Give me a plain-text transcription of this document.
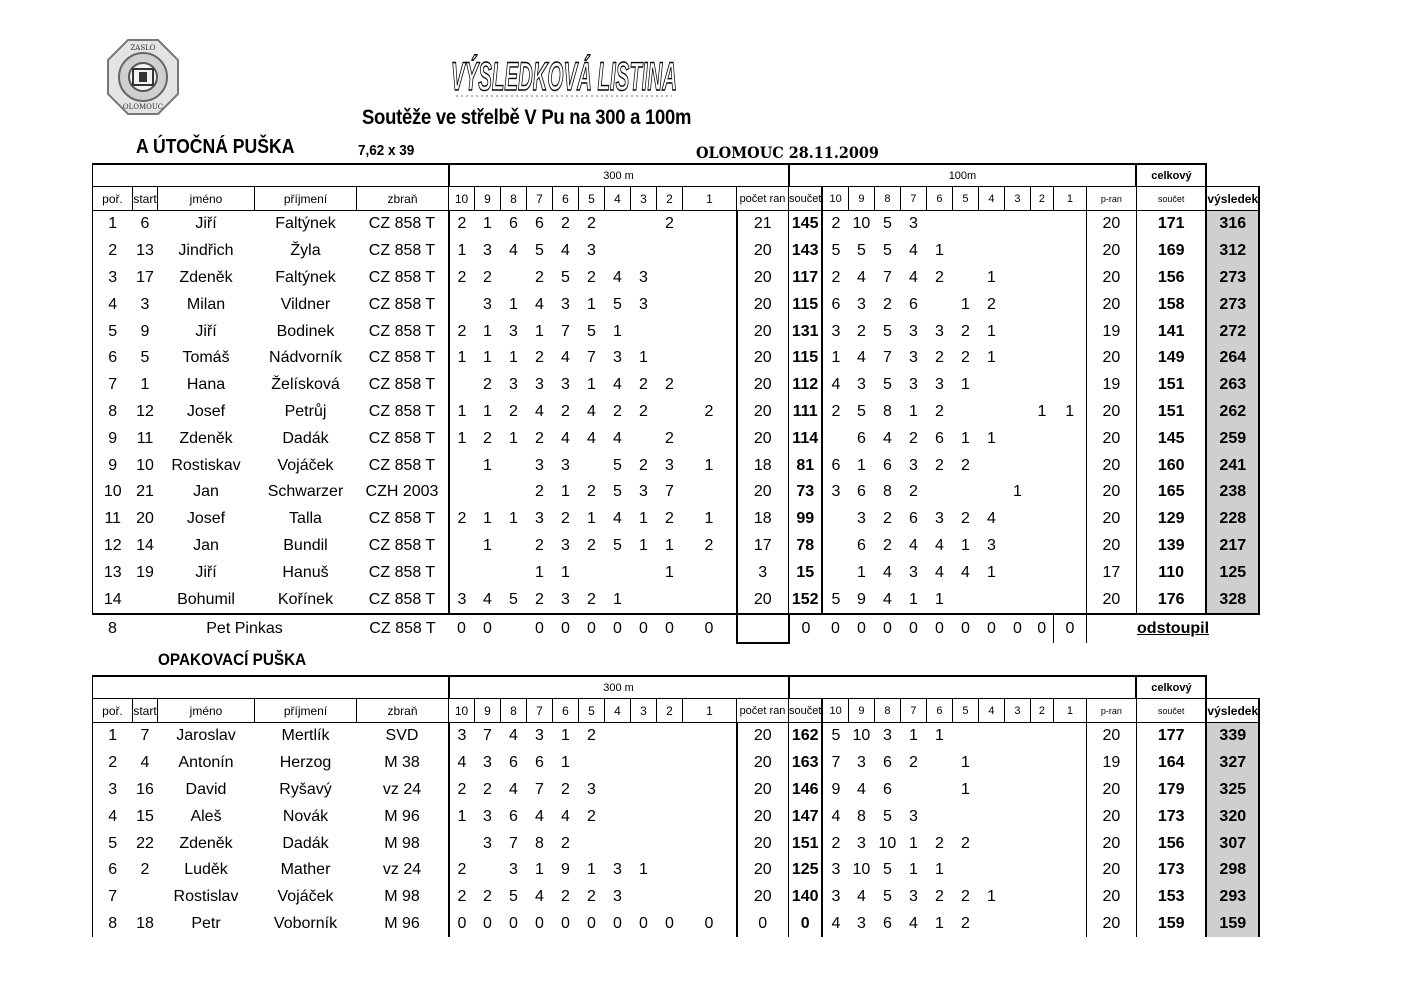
ZASLO
OLOMOUC
VÝSLEDKOVÁ LISTINA
Soutěže ve střelbě V Pu na 300 a 100m
A ÚTOČNÁ PUŠKA	7,62 x 39	OLOMOUC 28.11.2009
OPAKOVACÍ PUŠKA
					300 m											100m												celkový	
poř.	start	jméno	příjmení	zbraň	10	9	8	7	6	5	4	3	2	1	počet ran	součet	10	9	8	7	6	5	4	3	2	1	p-ran	součet	výsledek
1	6	Jiří	Faltýnek	CZ 858 T	2	1	6	6	2	2			2		21	145	2	10	5	3							20	171	316
2	13	Jindřich	Žyla	CZ 858 T	1	3	4	5	4	3					20	143	5	5	5	4	1						20	169	312
3	17	Zdeněk	Faltýnek	CZ 858 T	2	2		2	5	2	4	3			20	117	2	4	7	4	2		1				20	156	273
4	3	Milan	Vildner	CZ 858 T		3	1	4	3	1	5	3			20	115	6	3	2	6		1	2				20	158	273
5	9	Jiří	Bodinek	CZ 858 T	2	1	3	1	7	5	1				20	131	3	2	5	3	3	2	1				19	141	272
6	5	Tomáš	Nádvorník	CZ 858 T	1	1	1	2	4	7	3	1			20	115	1	4	7	3	2	2	1				20	149	264
7	1	Hana	Želísková	CZ 858 T		2	3	3	3	1	4	2	2		20	112	4	3	5	3	3	1					19	151	263
8	12	Josef	Petrůj	CZ 858 T	1	1	2	4	2	4	2	2		2	20	111	2	5	8	1	2				1	1	20	151	262
9	11	Zdeněk	Dadák	CZ 858 T	1	2	1	2	4	4	4		2		20	114		6	4	2	6	1	1				20	145	259
9	10	Rostiskav	Vojáček	CZ 858 T		1		3	3		5	2	3	1	18	81	6	1	6	3	2	2					20	160	241
10	21	Jan	Schwarzer	CZH 2003				2	1	2	5	3	7		20	73	3	6	8	2				1			20	165	238
11	20	Josef	Talla	CZ 858 T	2	1	1	3	2	1	4	1	2	1	18	99		3	2	6	3	2	4				20	129	228
12	14	Jan	Bundil	CZ 858 T		1		2	3	2	5	1	1	2	17	78		6	2	4	4	1	3				20	139	217
13	19	Jiří	Hanuš	CZ 858 T				1	1				1		3	15		1	4	3	4	4	1				17	110	125
14		Bohumil	Kořínek	CZ 858 T	3	4	5	2	3	2	1				20	152	5	9	4	1	1						20	176	328
8	Pet Pinkas			CZ 858 T	0	0		0	0	0	0	0	0	0		0	0	0	0	0	0	0	0	0	0	0	odstoupil		
					300 m																							celkový	
poř.	start	jméno	příjmení	zbraň	10	9	8	7	6	5	4	3	2	1	počet ran	součet	10	9	8	7	6	5	4	3	2	1	p-ran	součet	výsledek
1	7	Jaroslav	Mertlík	SVD	3	7	4	3	1	2					20	162	5	10	3	1	1						20	177	339
2	4	Antonín	Herzog	M 38	4	3	6	6	1						20	163	7	3	6	2		1					19	164	327
3	16	David	Ryšavý	vz 24	2	2	4	7	2	3					20	146	9	4	6			1					20	179	325
4	15	Aleš	Novák	M 96	1	3	6	4	4	2					20	147	4	8	5	3							20	173	320
5	22	Zdeněk	Dadák	M 98		3	7	8	2						20	151	2	3	10	1	2	2					20	156	307
6	2	Luděk	Mather	vz 24	2		3	1	9	1	3	1			20	125	3	10	5	1	1						20	173	298
7		Rostislav	Vojáček	M 98	2	2	5	4	2	2	3				20	140	3	4	5	3	2	2	1				20	153	293
8	18	Petr	Voborník	M 96	0	0	0	0	0	0	0	0	0	0	0	0	4	3	6	4	1	2					20	159	159
